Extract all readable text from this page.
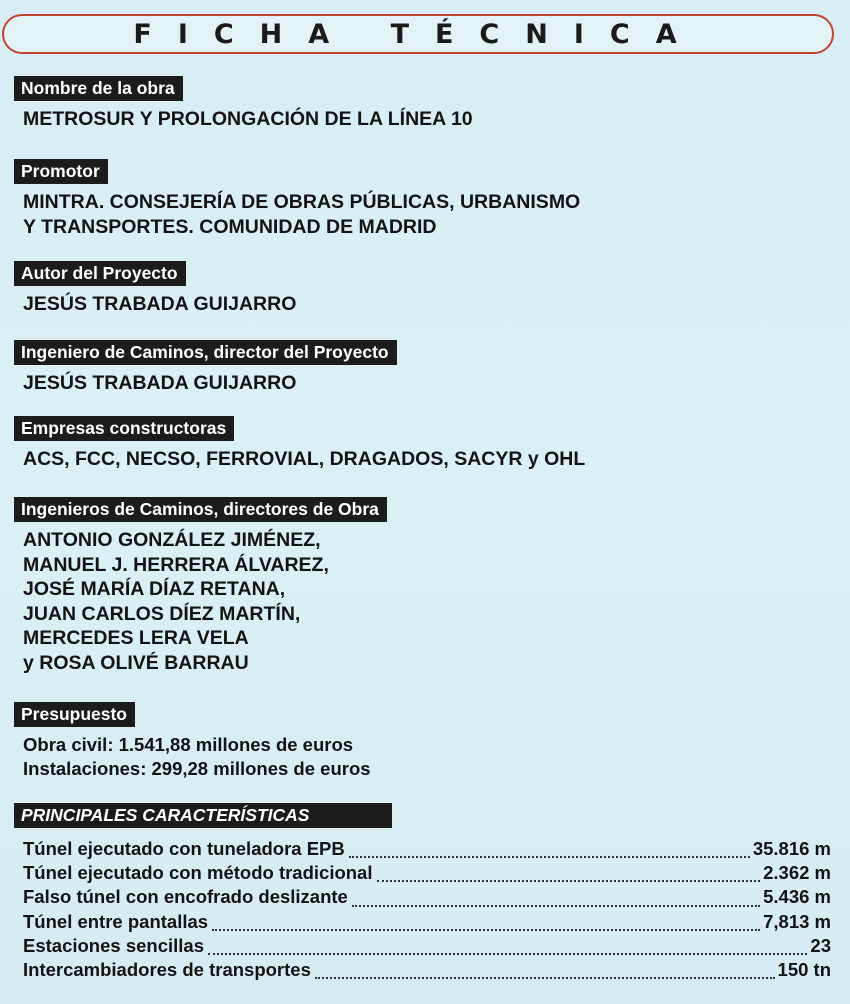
FICHA TÉCNICA
Nombre de la obra
METROSUR Y PROLONGACIÓN DE LA LÍNEA 10
Promotor
MINTRA. CONSEJERÍA DE OBRAS PÚBLICAS, URBANISMO
Y TRANSPORTES. COMUNIDAD DE MADRID
Autor del Proyecto
JESÚS TRABADA GUIJARRO
Ingeniero de Caminos, director del Proyecto
JESÚS TRABADA GUIJARRO
Empresas constructoras
ACS, FCC, NECSO, FERROVIAL, DRAGADOS, SACYR y OHL
Ingenieros de Caminos, directores de Obra
ANTONIO GONZÁLEZ JIMÉNEZ,
MANUEL J. HERRERA ÁLVAREZ,
JOSÉ MARÍA DÍAZ RETANA,
JUAN CARLOS DÍEZ MARTÍN,
MERCEDES LERA VELA
y ROSA OLIVÉ BARRAU
Presupuesto
Obra civil: 1.541,88 millones de euros
Instalaciones: 299,28 millones de euros
PRINCIPALES CARACTERÍSTICAS
Túnel ejecutado con tuneladora EPB	35.816 m
Túnel ejecutado con método tradicional	2.362 m
Falso túnel con encofrado deslizante	5.436 m
Túnel entre pantallas	7,813 m
Estaciones sencillas	23
Intercambiadores de transportes	150 tn
